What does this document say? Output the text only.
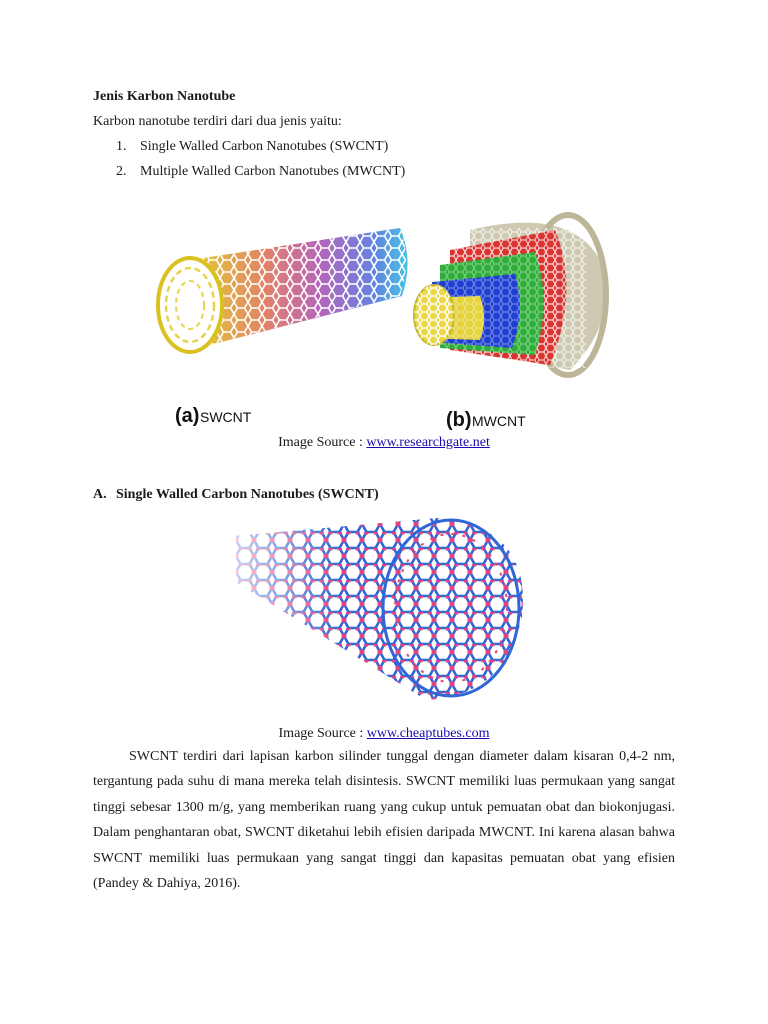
Jenis Karbon Nanotube
Karbon nanotube terdiri dari dua jenis yaitu:
1. Single Walled Carbon Nanotubes (SWCNT)
2. Multiple Walled Carbon Nanotubes (MWCNT)
(a) SWCNT	(b) MWCNT
Image Source : www.researchgate.net
A. Single Walled Carbon Nanotubes (SWCNT)
Image Source : www.cheaptubes.com
SWCNT terdiri dari lapisan karbon silinder tunggal dengan diameter dalam kisaran 0,4-2 nm, tergantung pada suhu di mana mereka telah disintesis. SWCNT memiliki luas permukaan yang sangat tinggi sebesar 1300 m/g, yang memberikan ruang yang cukup untuk pemuatan obat dan biokonjugasi. Dalam penghantaran obat, SWCNT diketahui lebih efisien daripada MWCNT. Ini karena alasan bahwa SWCNT memiliki luas permukaan yang sangat tinggi dan kapasitas pemuatan obat yang efisien (Pandey & Dahiya, 2016).
